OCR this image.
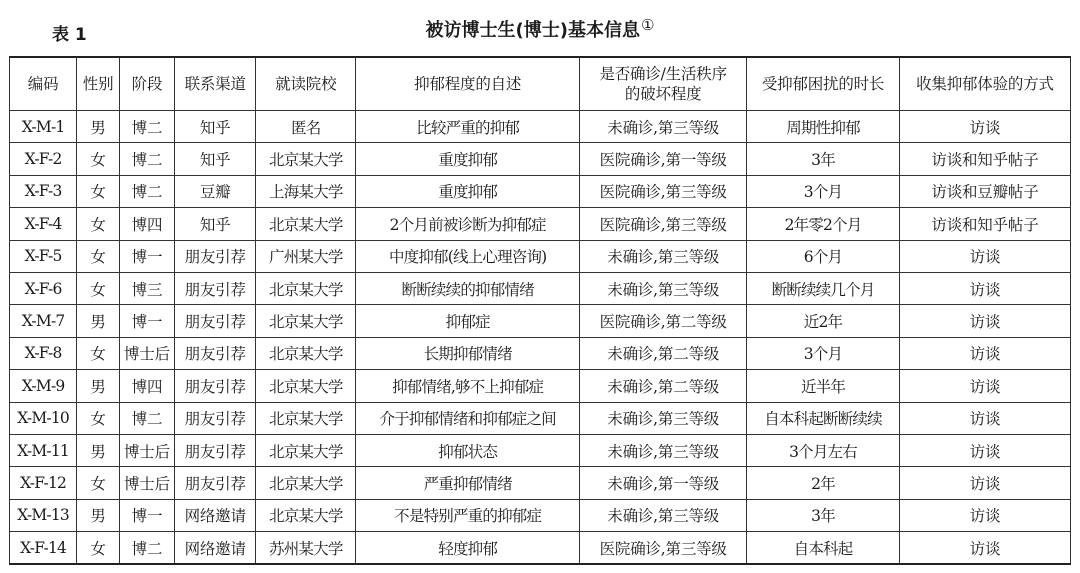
表 1	被访博士生(博士)基本信息①
编码	性别	阶段	联系渠道	就读院校	抑郁程度的自述	是否确诊/生活秩序
的破坏程度	受抑郁困扰的时长	收集抑郁体验的方式
X-M-1	男	博二	知乎	匿名	比较严重的抑郁	未确诊,第三等级	周期性抑郁	访谈
X-F-2	女	博二	知乎	北京某大学	重度抑郁	医院确诊,第一等级	3年	访谈和知乎帖子
X-F-3	女	博二	豆瓣	上海某大学	重度抑郁	医院确诊,第三等级	3个月	访谈和豆瓣帖子
X-F-4	女	博四	知乎	北京某大学	2个月前被诊断为抑郁症	医院确诊,第三等级	2年零2个月	访谈和知乎帖子
X-F-5	女	博一	朋友引荐	广州某大学	中度抑郁(线上心理咨询)	未确诊,第三等级	6个月	访谈
X-F-6	女	博三	朋友引荐	北京某大学	断断续续的抑郁情绪	未确诊,第三等级	断断续续几个月	访谈
X-M-7	男	博一	朋友引荐	北京某大学	抑郁症	医院确诊,第二等级	近2年	访谈
X-F-8	女	博士后	朋友引荐	北京某大学	长期抑郁情绪	未确诊,第二等级	3个月	访谈
X-M-9	男	博四	朋友引荐	北京某大学	抑郁情绪,够不上抑郁症	未确诊,第二等级	近半年	访谈
X-M-10	女	博二	朋友引荐	北京某大学	介于抑郁情绪和抑郁症之间	未确诊,第三等级	自本科起断断续续	访谈
X-M-11	男	博士后	朋友引荐	北京某大学	抑郁状态	未确诊,第三等级	3个月左右	访谈
X-F-12	女	博士后	朋友引荐	北京某大学	严重抑郁情绪	未确诊,第一等级	2年	访谈
X-M-13	男	博一	网络邀请	北京某大学	不是特别严重的抑郁症	未确诊,第三等级	3年	访谈
X-F-14	女	博二	网络邀请	苏州某大学	轻度抑郁	医院确诊,第三等级	自本科起	访谈
